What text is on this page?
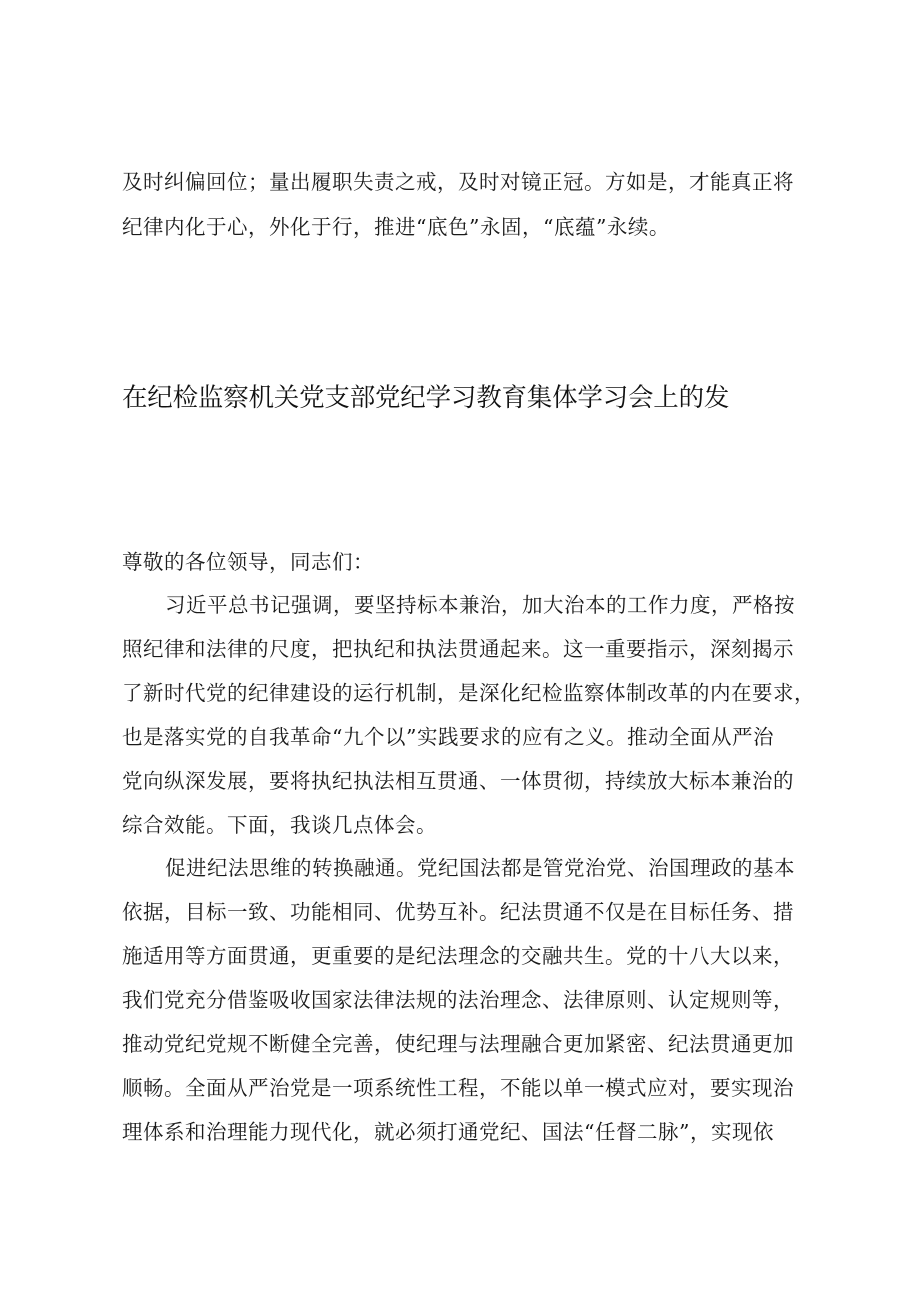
及时纠偏回位；量出履职失责之戒，及时对镜正冠。方如是，才能真正将
纪律内化于心，外化于行，推进“底色”永固，“底蕴”永续。
在纪检监察机关党支部党纪学习教育集体学习会上的发
尊敬的各位领导，同志们：
习近平总书记强调，要坚持标本兼治，加大治本的工作力度，严格按
照纪律和法律的尺度，把执纪和执法贯通起来。这一重要指示，深刻揭示
了新时代党的纪律建设的运行机制，是深化纪检监察体制改革的内在要求，
也是落实党的自我革命“九个以”实践要求的应有之义。推动全面从严治
党向纵深发展，要将执纪执法相互贯通、一体贯彻，持续放大标本兼治的
综合效能。下面，我谈几点体会。
促进纪法思维的转换融通。党纪国法都是管党治党、治国理政的基本
依据，目标一致、功能相同、优势互补。纪法贯通不仅是在目标任务、措
施适用等方面贯通，更重要的是纪法理念的交融共生。党的十八大以来，
我们党充分借鉴吸收国家法律法规的法治理念、法律原则、认定规则等，
推动党纪党规不断健全完善，使纪理与法理融合更加紧密、纪法贯通更加
顺畅。全面从严治党是一项系统性工程，不能以单一模式应对，要实现治
理体系和治理能力现代化，就必须打通党纪、国法“任督二脉”，实现依
